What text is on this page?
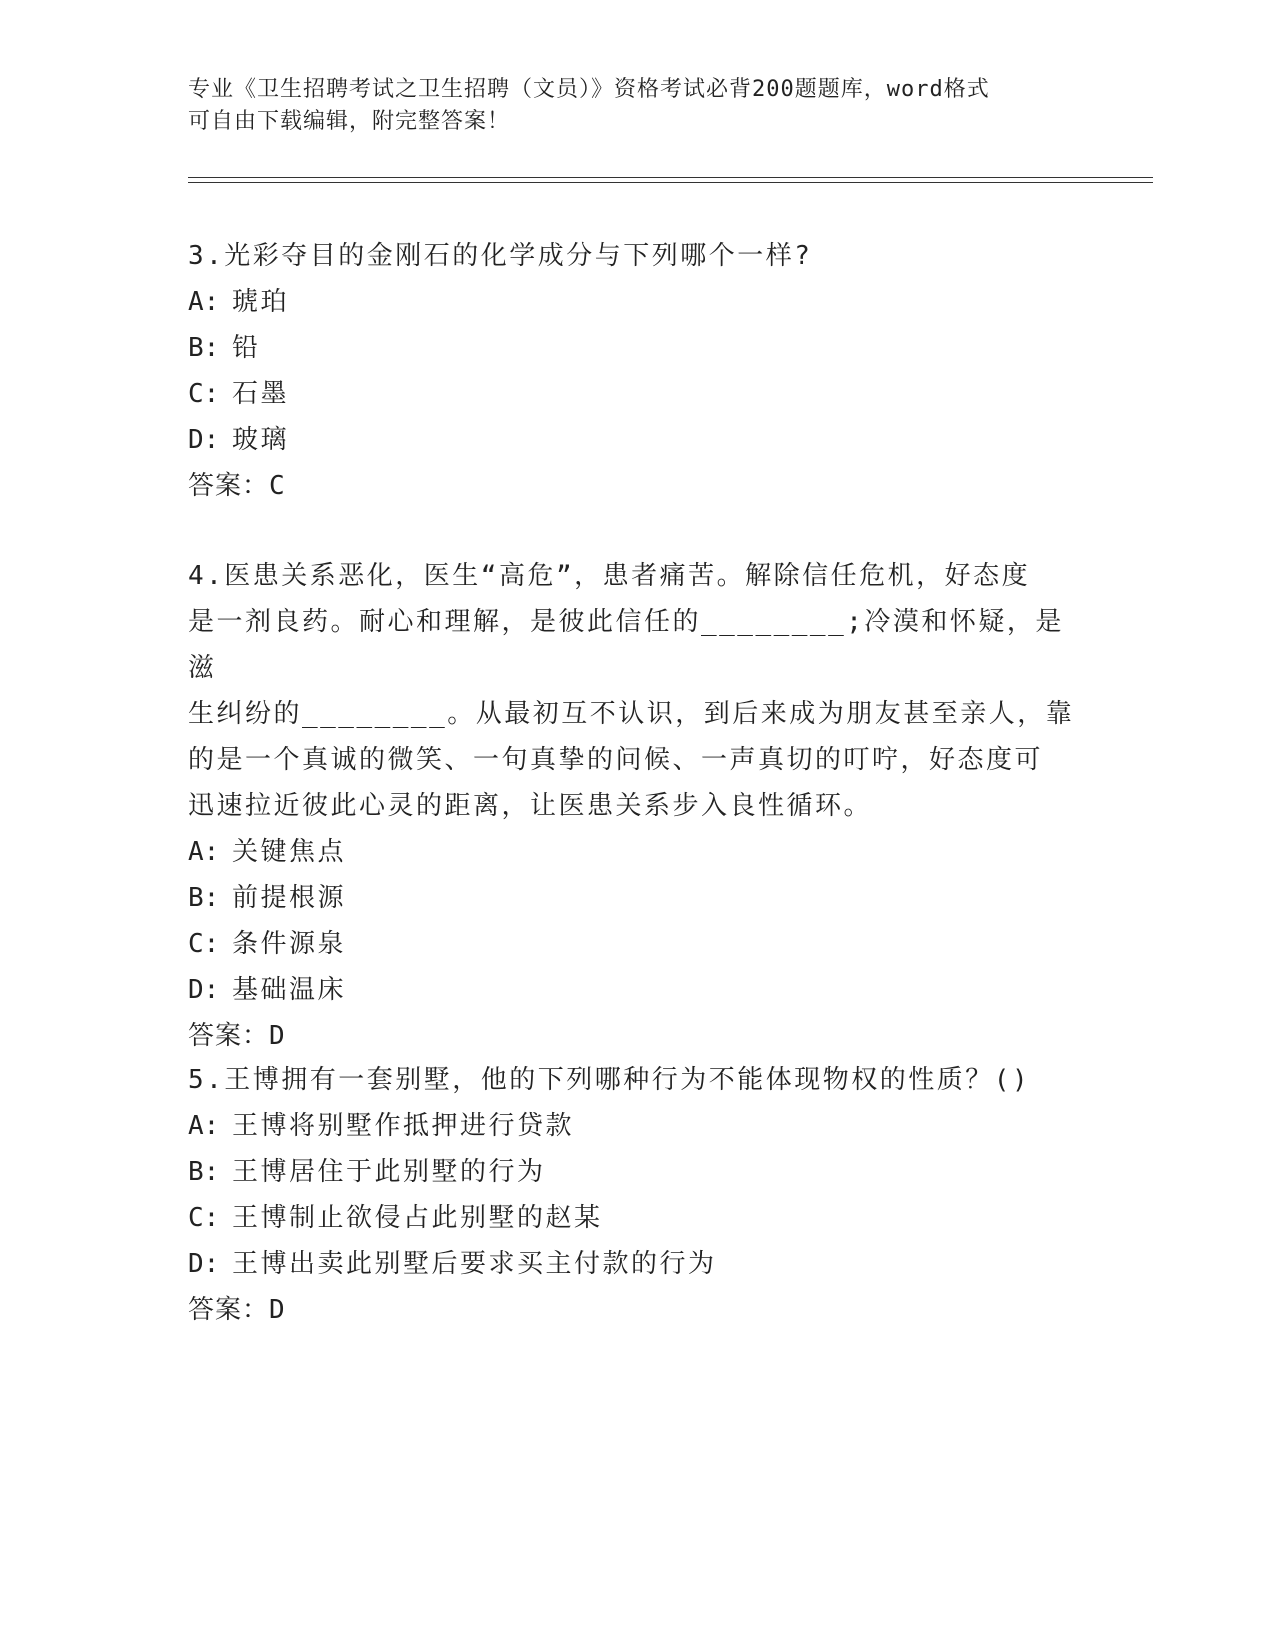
专业《卫生招聘考试之卫生招聘（文员）》资格考试必背200题题库，word格式
可自由下载编辑，附完整答案！
3.光彩夺目的金刚石的化学成分与下列哪个一样?
A: 琥珀
B: 铅
C: 石墨
D: 玻璃
答案：C
4.医患关系恶化，医生“高危”，患者痛苦。解除信任危机，好态度
是一剂良药。耐心和理解，是彼此信任的________;冷漠和怀疑，是滋
生纠纷的________。从最初互不认识，到后来成为朋友甚至亲人，靠
的是一个真诚的微笑、一句真挚的问候、一声真切的叮咛，好态度可
迅速拉近彼此心灵的距离，让医患关系步入良性循环。
A: 关键焦点
B: 前提根源
C: 条件源泉
D: 基础温床
答案：D
5.王博拥有一套别墅，他的下列哪种行为不能体现物权的性质？()
A: 王博将别墅作抵押进行贷款
B: 王博居住于此别墅的行为
C: 王博制止欲侵占此别墅的赵某
D: 王博出卖此别墅后要求买主付款的行为
答案：D
